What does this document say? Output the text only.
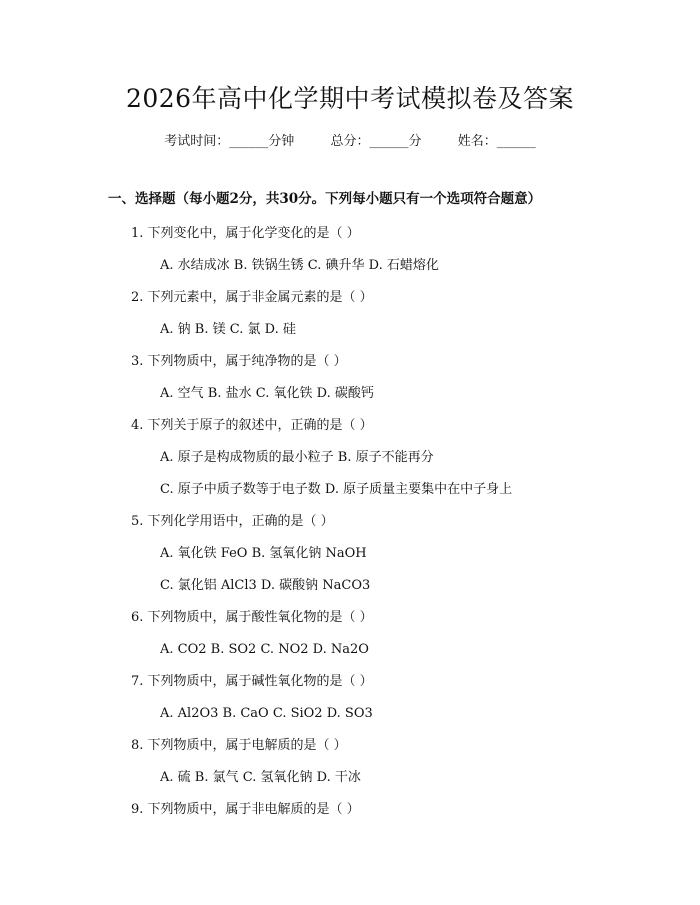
2026年高中化学期中考试模拟卷及答案
考试时间：______分钟	总分：______分	姓名：______
一、选择题（每小题2分，共30分。下列每小题只有一个选项符合题意）
1. 下列变化中，属于化学变化的是（ ）
A. 水结成冰 B. 铁锅生锈 C. 碘升华 D. 石蜡熔化
2. 下列元素中，属于非金属元素的是（ ）
A. 钠 B. 镁 C. 氯 D. 硅
3. 下列物质中，属于纯净物的是（ ）
A. 空气 B. 盐水 C. 氧化铁 D. 碳酸钙
4. 下列关于原子的叙述中，正确的是（ ）
A. 原子是构成物质的最小粒子 B. 原子不能再分
C. 原子中质子数等于电子数 D. 原子质量主要集中在中子身上
5. 下列化学用语中，正确的是（ ）
A. 氧化铁 FeO B. 氢氧化钠 NaOH
C. 氯化铝 AlCl3 D. 碳酸钠 NaCO3
6. 下列物质中，属于酸性氧化物的是（ ）
A. CO2 B. SO2 C. NO2 D. Na2O
7. 下列物质中，属于碱性氧化物的是（ ）
A. Al2O3 B. CaO C. SiO2 D. SO3
8. 下列物质中，属于电解质的是（ ）
A. 硫 B. 氯气 C. 氢氧化钠 D. 干冰
9. 下列物质中，属于非电解质的是（ ）
